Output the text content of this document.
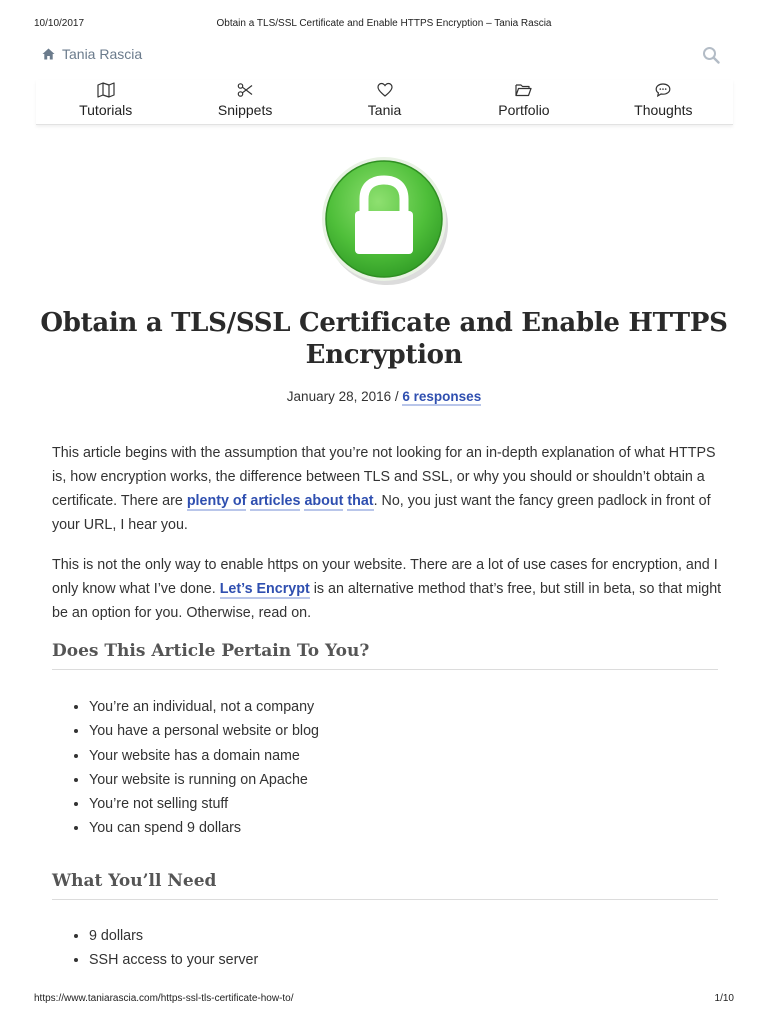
10/10/2017	Obtain a TLS/SSL Certificate and Enable HTTPS Encryption – Tania Rascia
Tania Rascia
Tutorials	Snippets	Tania	Portfolio	Thoughts
Obtain a TLS/SSL Certificate and Enable HTTPS Encryption
January 28, 2016 / 6 responses

This article begins with the assumption that you’re not looking for an in-depth explanation of what HTTPS is, how encryption works, the difference between TLS and SSL, or why you should or shouldn’t obtain a certificate. There are plenty of articles about that. No, you just want the fancy green padlock in front of your URL, I hear you.

This is not the only way to enable https on your website. There are a lot of use cases for encryption, and I only know what I’ve done. Let’s Encrypt is an alternative method that’s free, but still in beta, so that might be an option for you. Otherwise, read on.

Does This Article Pertain To You?
• You’re an individual, not a company
• You have a personal website or blog
• Your website has a domain name
• Your website is running on Apache
• You’re not selling stuff
• You can spend 9 dollars
What You’ll Need
• 9 dollars
• SSH access to your server
https://www.taniarascia.com/https-ssl-tls-certificate-how-to/	1/10
